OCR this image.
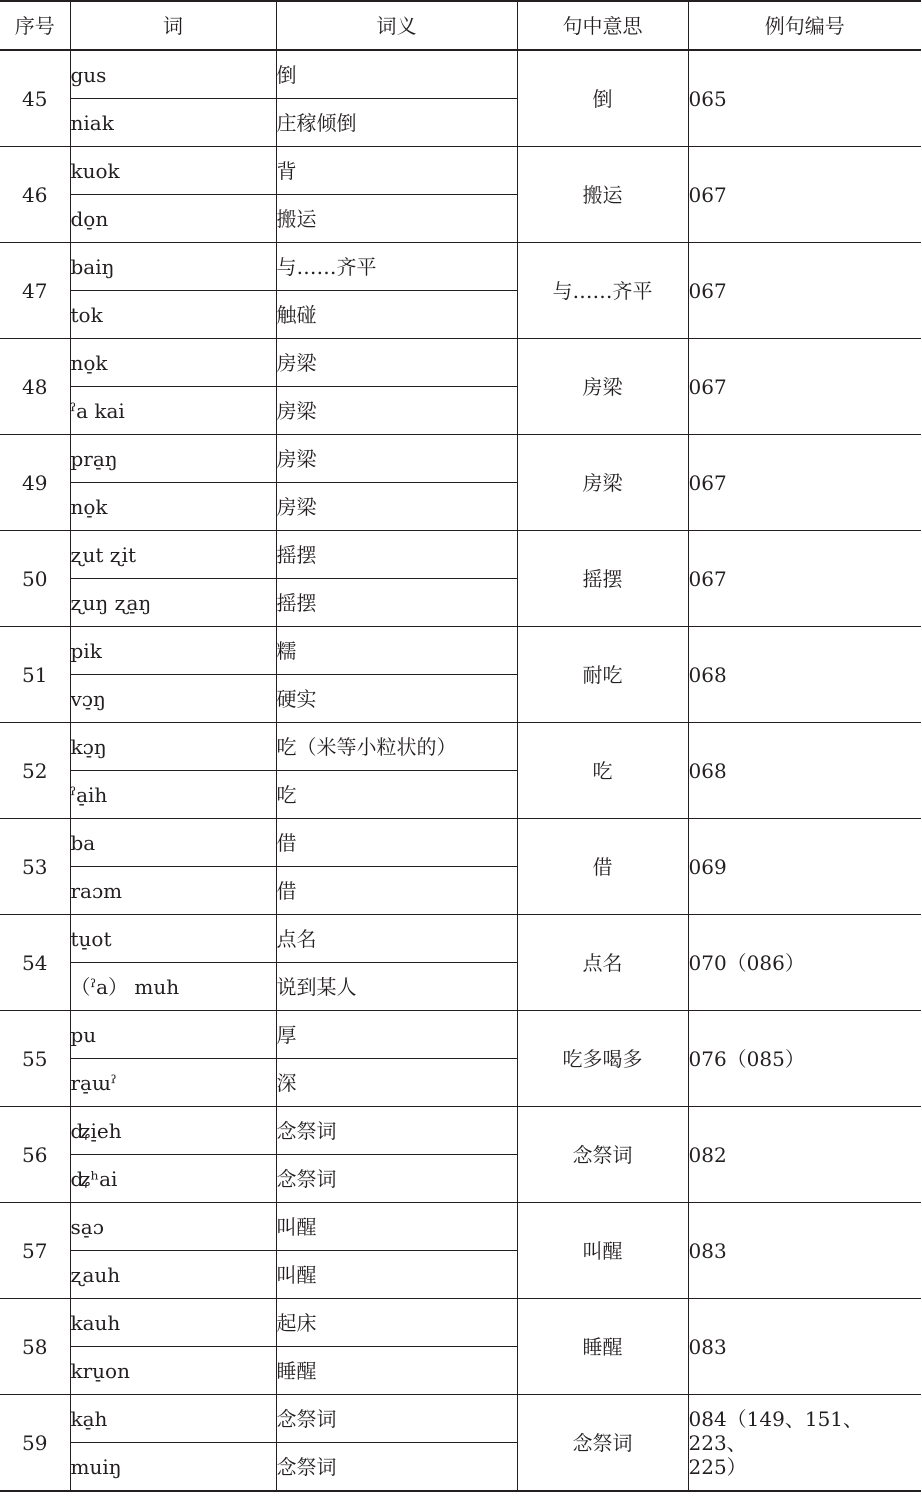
序号	词	词义	句中意思	例句编号
45	gus	倒	倒	065
	niak	庄稼倾倒		
46	kuok	背	搬运	067
	do̠n	搬运		
47	baiŋ	与……齐平	与……齐平	067
	tok	触碰		
48	no̠k	房梁	房梁	067
	ˀa kai	房梁		
49	pra̠ŋ	房梁	房梁	067
	no̠k	房梁		
50	ʐut ʐit	摇摆	摇摆	067
	ʐuŋ ʐa̠ŋ	摇摆		
51	pik	糯	耐吃	068
	vɔ̠ŋ	硬实		
52	kɔ̠ŋ	吃（米等小粒状的）	吃	068
	ˀa̠ih	吃		
53	ba	借	借	069
	raɔm	借		
54	tu̠ot	点名	点名	070（086）
	（ˀa） muh	说到某人		
55	pu	厚	吃多喝多	076（085）
	ra̠ɯˀ	深		
56	ʥi̠eh	念祭词	念祭词	082
	ʥʰai	念祭词		
57	sa̠ɔ	叫醒	叫醒	083
	ʐauh	叫醒		
58	kauh	起床	睡醒	083
	kru̠on	睡醒		
59	ka̠h	念祭词	念祭词	084（149、151、223、
225）
	muiŋ	念祭词		
